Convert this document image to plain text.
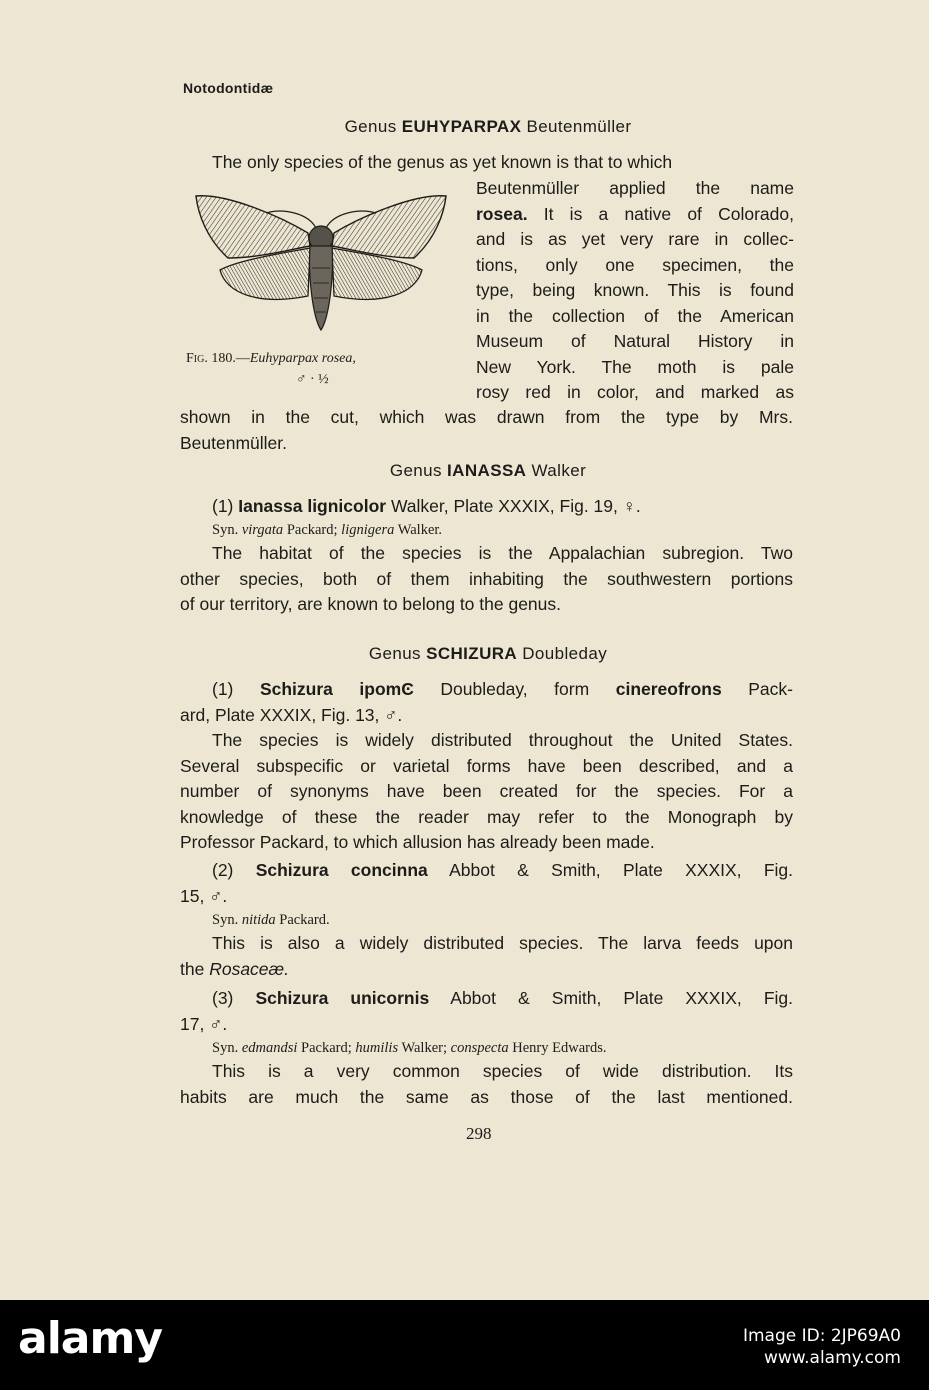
Notodontidæ
Genus EUHYPARPAX Beutenmüller
The only species of the genus as yet known is that to which
Fig. 180.—Euhyparpax rosea,
♂ · ½
Beutenmüller applied the name
rosea. It is a native of Colorado,
and is as yet very rare in collec-
tions, only one specimen, the
type, being known. This is found
in the collection of the American
Museum of Natural History in
New York. The moth is pale
rosy red in color, and marked as
shown in the cut, which was drawn from the type by Mrs.
Beutenmüller.
Genus IANASSA Walker
(1) Ianassa lignicolor Walker, Plate XXXIX, Fig. 19, ♀.
Syn. virgata Packard; lignigera Walker.
The habitat of the species is the Appalachian subregion. Two
other species, both of them inhabiting the southwestern portions
of our territory, are known to belong to the genus.
Genus SCHIZURA Doubleday
(1) Schizura ipomϾ Doubleday, form cinereofrons Pack-
ard, Plate XXXIX, Fig. 13, ♂.
The species is widely distributed throughout the United States.
Several subspecific or varietal forms have been described, and a
number of synonyms have been created for the species. For a
knowledge of these the reader may refer to the Monograph by
Professor Packard, to which allusion has already been made.
(2) Schizura concinna Abbot & Smith, Plate XXXIX, Fig.
15, ♂.
Syn. nitida Packard.
This is also a widely distributed species. The larva feeds upon
the Rosaceæ.
(3) Schizura unicornis Abbot & Smith, Plate XXXIX, Fig.
17, ♂.
Syn. edmandsi Packard; humilis Walker; conspecta Henry Edwards.
This is a very common species of wide distribution. Its
habits are much the same as those of the last mentioned.
298
alamy	Image ID: 2JP69A0
www.alamy.com
